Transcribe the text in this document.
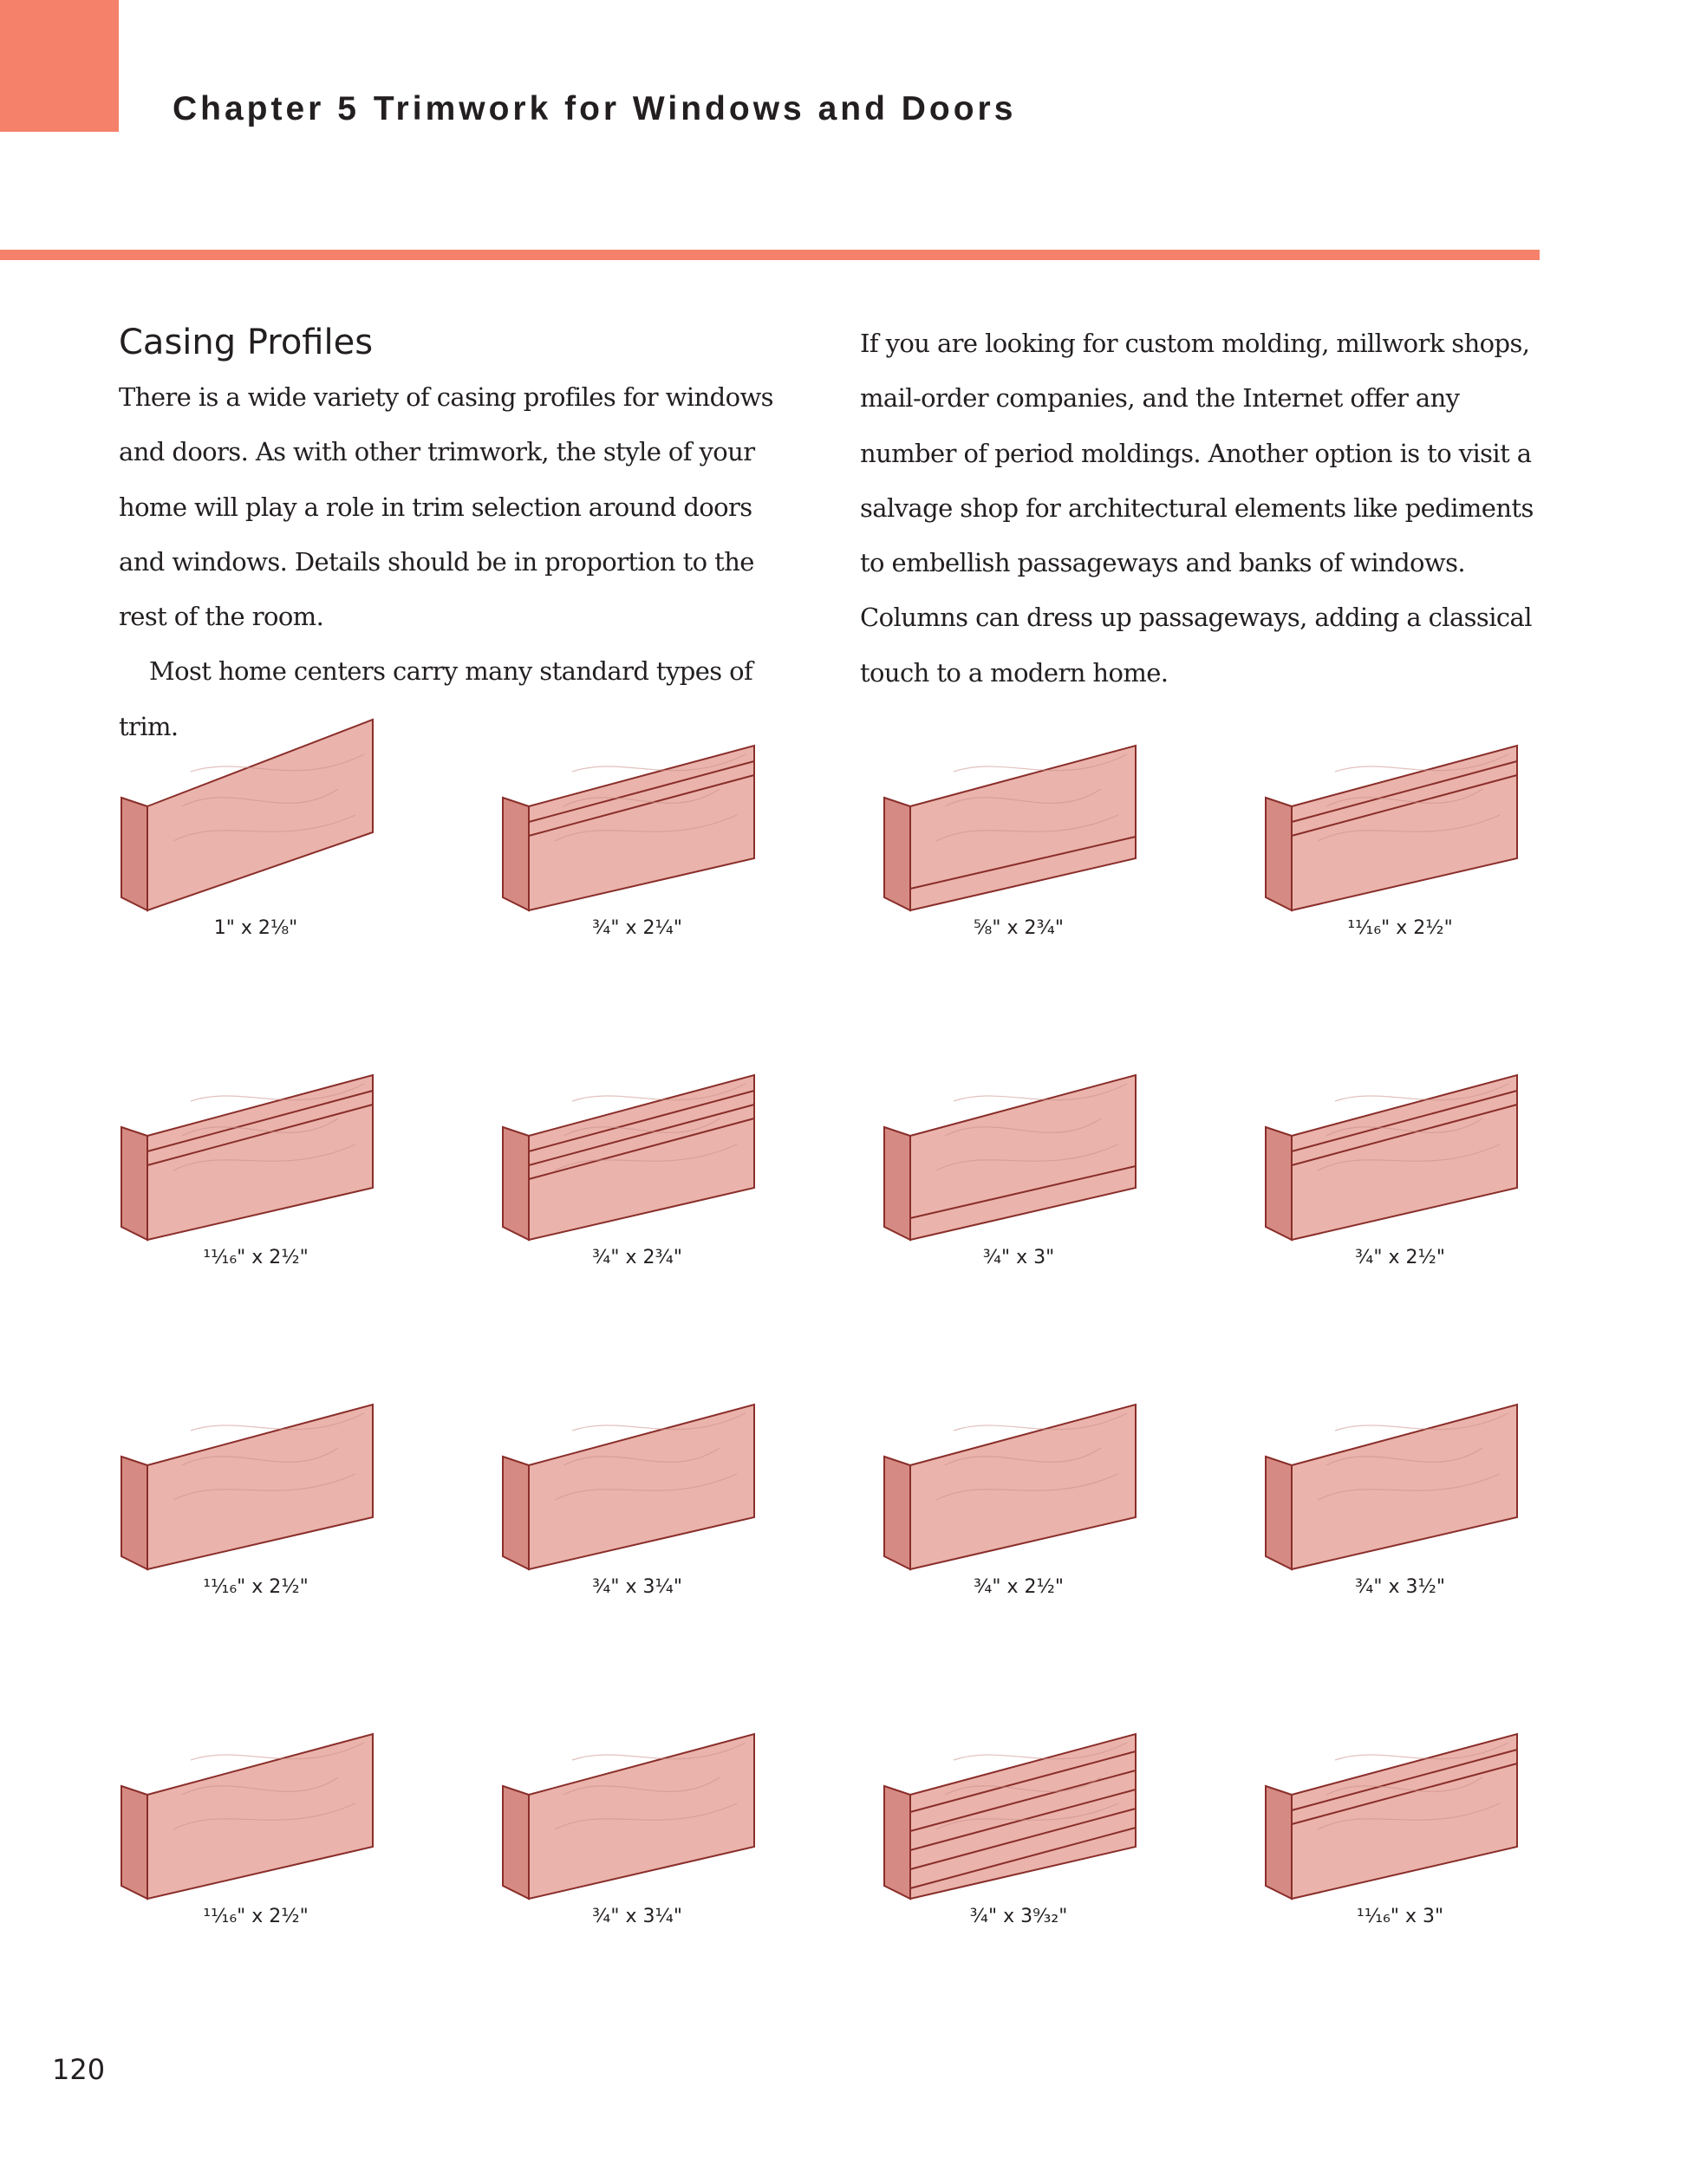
Chapter 5 Trimwork for Windows and Doors
Casing Profiles

There is a wide variety of casing profiles for windows and doors. As with other trimwork, the style of your home will play a role in trim selection around doors and windows. Details should be in proportion to the rest of the room.

Most home centers carry many standard types of trim.

If you are looking for custom molding, millwork shops, mail-order companies, and the Internet offer any number of period moldings. Another option is to visit a salvage shop for architectural elements like pediments to embellish passageways and banks of windows. Columns can dress up passageways, adding a classical touch to a modern home.

1" x 2⅛"	¾" x 2¼"	⅝" x 2¾"	¹¹⁄₁₆" x 2½"
¹¹⁄₁₆" x 2½"	¾" x 2¾"	¾" x 3"	¾" x 2½"
¹¹⁄₁₆" x 2½"	¾" x 3¼"	¾" x 2½"	¾" x 3½"
¹¹⁄₁₆" x 2½"	¾" x 3¼"	¾" x 3⁹⁄₃₂"	¹¹⁄₁₆" x 3"
120
